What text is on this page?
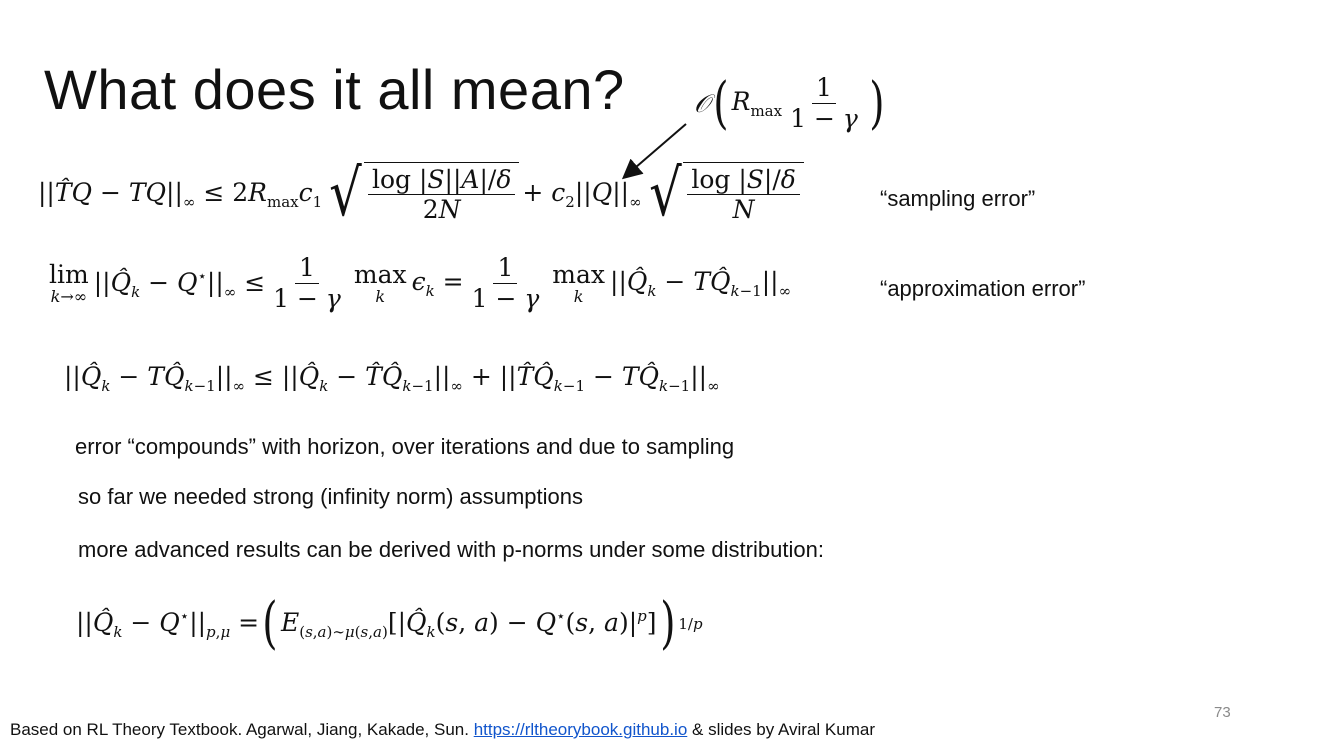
What does it all mean?	𝒪 ( $R_{max} \frac{1}{1 - \gamma}$ )
||T̂Q − $TQ||_\infty \le 2R_{max}c_1$ √ $\frac{\log |S||A|/\delta}{2N} + c_2||Q||_\infty$ √ $\frac{\log |S|/\delta}{N}$	“sampling error”
lim
k→∞ $||Q̂_k - Q^⋆||_\infty \le \frac{1}{1 - \gamma}$ max
k
$\epsilon_k = \frac{1}{1 - \gamma}$ max
k
$||Q̂_k$ − $TQ̂_{k-1}||_\infty$	“approximation error”
$||Q̂_k$ − $TQ̂_{k-1}||_\infty$ ≤ $||Q̂_k$ − $T̂Q̂_{k-1}||_\infty$ + $||T̂Q̂_{k-1}$ − $TQ̂_{k-1}||_\infty$
error “compounds” with horizon, over iterations and due to sampling
so far we needed strong (infinity norm) assumptions
more advanced results can be derived with p-norms under some distribution:
$||Q̂_k - Q^⋆||_{p,\mu}$ = ( $E_{(s,a)\sim\mu(s,a)}[|Q̂_k(s$, a) − Q⋆(s, $a)|^p$] ) 1/p
73
Based on RL Theory Textbook. Agarwal, Jiang, Kakade, Sun. https://rltheorybook.github.io & slides by Aviral Kumar
